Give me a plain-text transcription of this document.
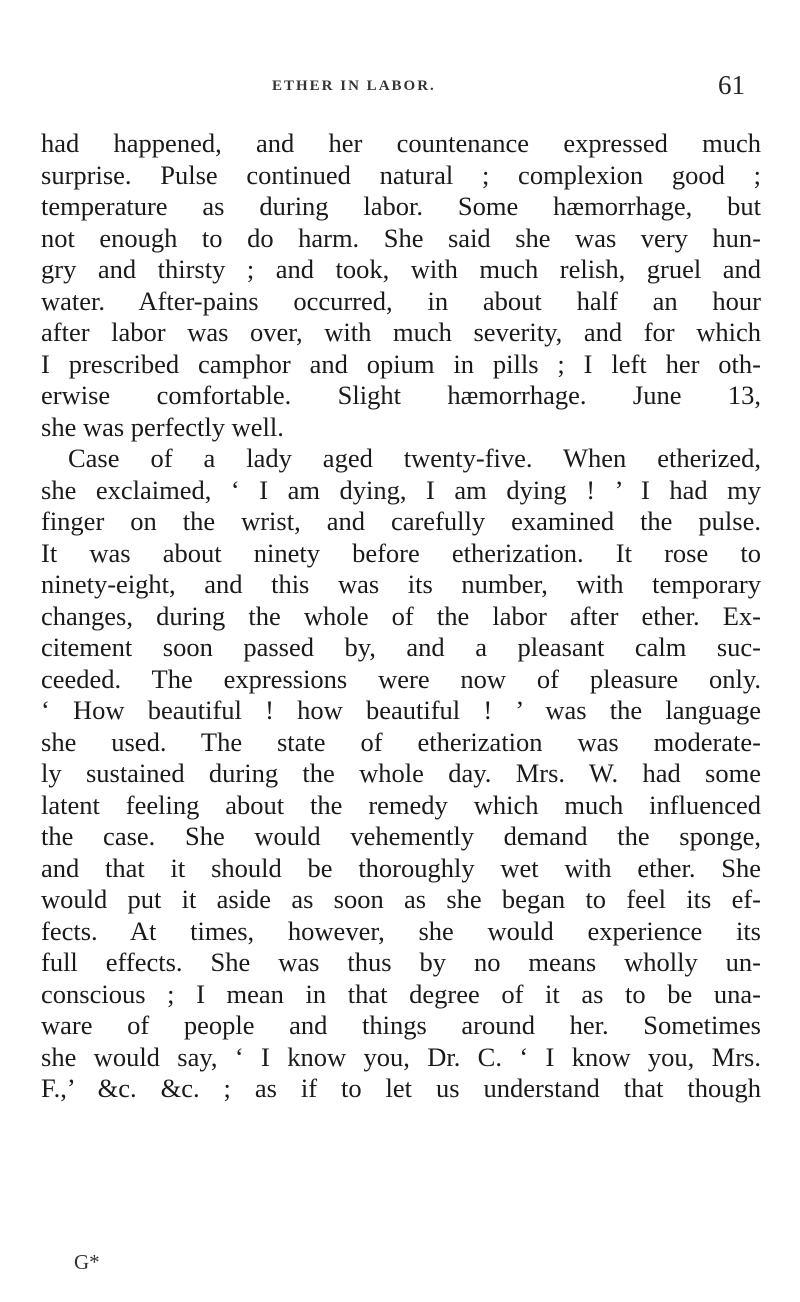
ETHER IN LABOR.	61
had happened, and her countenance expressed much
surprise. Pulse continued natural ; complexion good ;
temperature as during labor. Some hæmorrhage, but
not enough to do harm. She said she was very hun-
gry and thirsty ; and took, with much relish, gruel and
water. After-pains occurred, in about half an hour
after labor was over, with much severity, and for which
I prescribed camphor and opium in pills ; I left her oth-
erwise comfortable. Slight hæmorrhage. June 13,
she was perfectly well.
Case of a lady aged twenty-five. When etherized,
she exclaimed, ‘ I am dying, I am dying ! ’ I had my
finger on the wrist, and carefully examined the pulse.
It was about ninety before etherization. It rose to
ninety-eight, and this was its number, with temporary
changes, during the whole of the labor after ether. Ex-
citement soon passed by, and a pleasant calm suc-
ceeded. The expressions were now of pleasure only.
‘ How beautiful ! how beautiful ! ’ was the language
she used. The state of etherization was moderate-
ly sustained during the whole day. Mrs. W. had some
latent feeling about the remedy which much influenced
the case. She would vehemently demand the sponge,
and that it should be thoroughly wet with ether. She
would put it aside as soon as she began to feel its ef-
fects. At times, however, she would experience its
full effects. She was thus by no means wholly un-
conscious ; I mean in that degree of it as to be una-
ware of people and things around her. Sometimes
she would say, ‘ I know you, Dr. C. ‘ I know you, Mrs.
F.,’ &c. &c. ; as if to let us understand that though
G*
